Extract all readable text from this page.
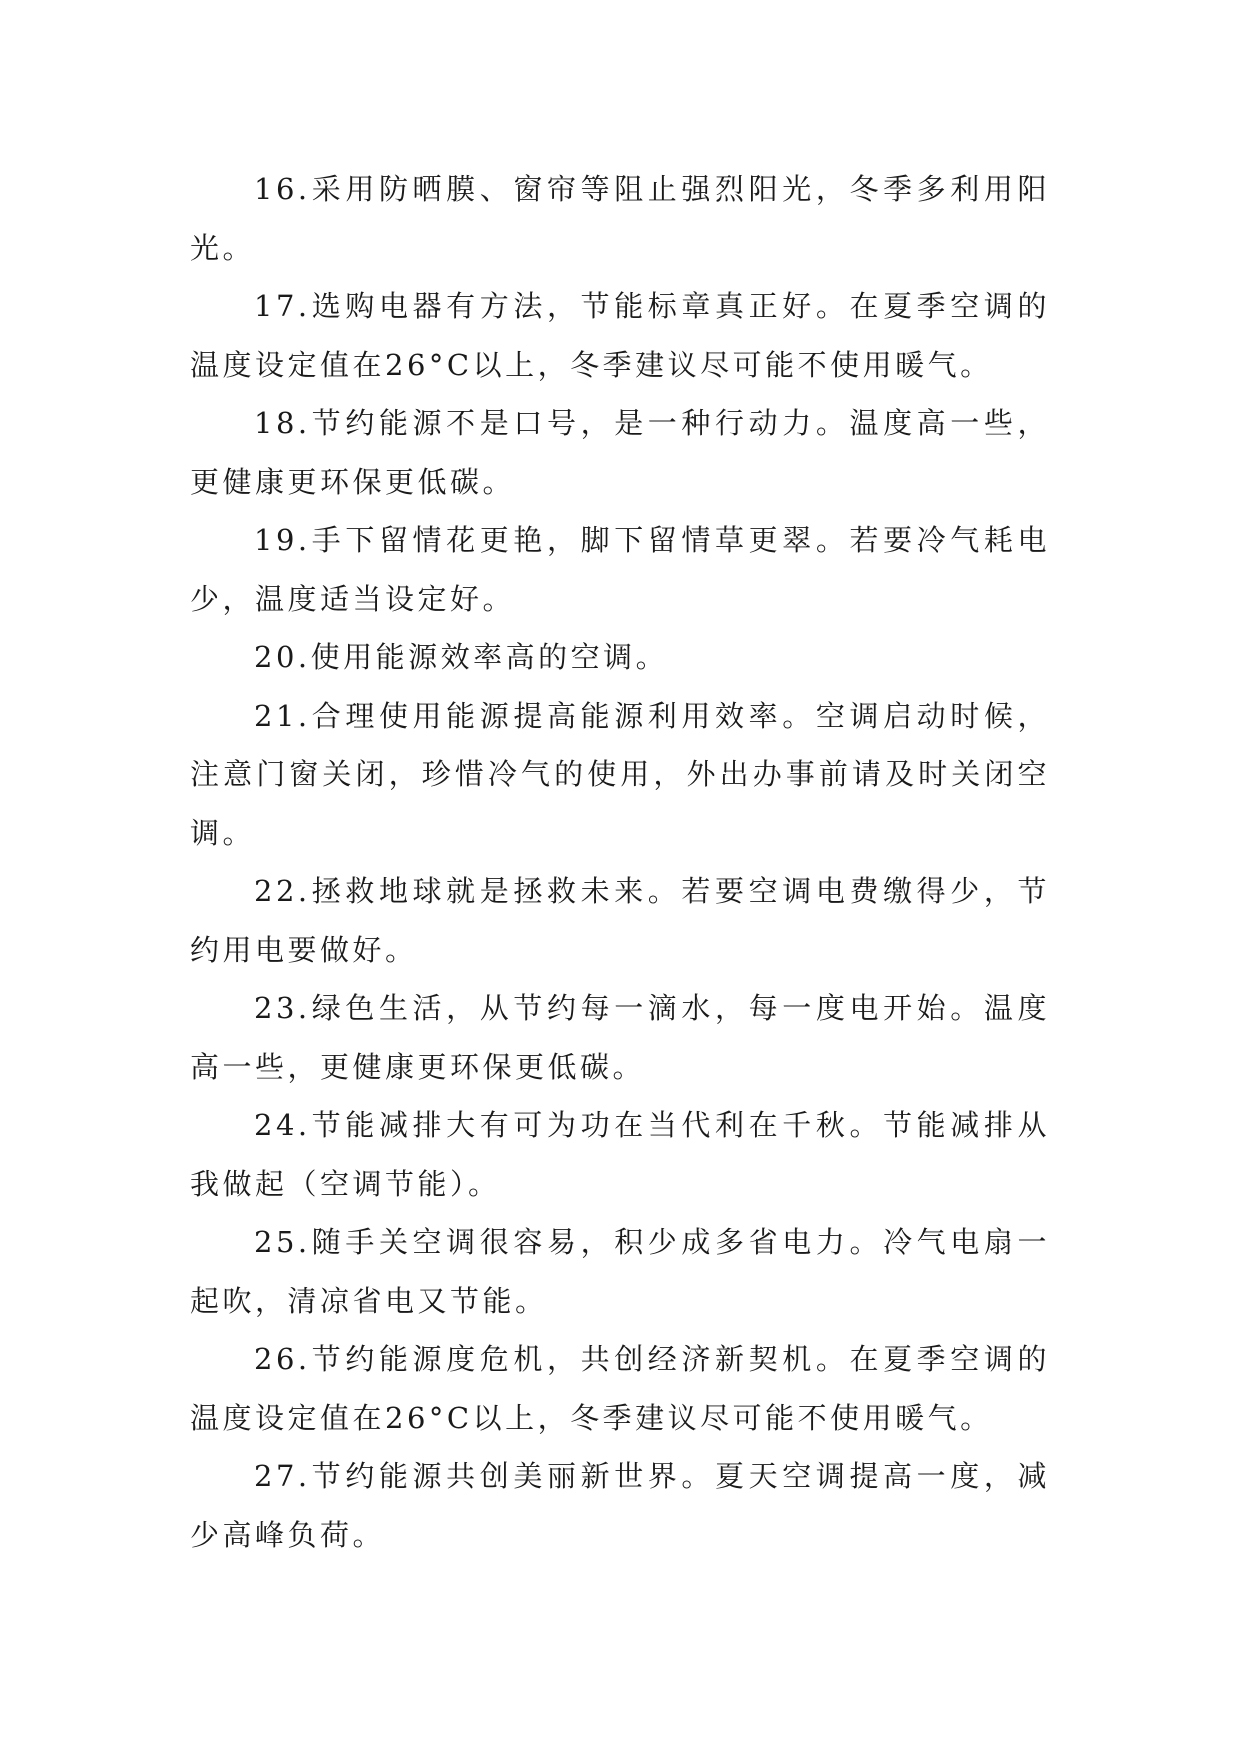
16.采用防晒膜、窗帘等阻止强烈阳光，冬季多利用阳光。

17.选购电器有方法，节能标章真正好。在夏季空调的温度设定值在26°C以上，冬季建议尽可能不使用暖气。

18.节约能源不是口号，是一种行动力。温度高一些，更健康更环保更低碳。

19.手下留情花更艳，脚下留情草更翠。若要冷气耗电少，温度适当设定好。

20.使用能源效率高的空调。

21.合理使用能源提高能源利用效率。空调启动时候，注意门窗关闭，珍惜冷气的使用，外出办事前请及时关闭空调。

22.拯救地球就是拯救未来。若要空调电费缴得少，节约用电要做好。

23.绿色生活，从节约每一滴水，每一度电开始。温度高一些，更健康更环保更低碳。

24.节能减排大有可为功在当代利在千秋。节能减排从我做起（空调节能）。

25.随手关空调很容易，积少成多省电力。冷气电扇一起吹，清凉省电又节能。

26.节约能源度危机，共创经济新契机。在夏季空调的温度设定值在26°C以上，冬季建议尽可能不使用暖气。

27.节约能源共创美丽新世界。夏天空调提高一度，减少高峰负荷。
